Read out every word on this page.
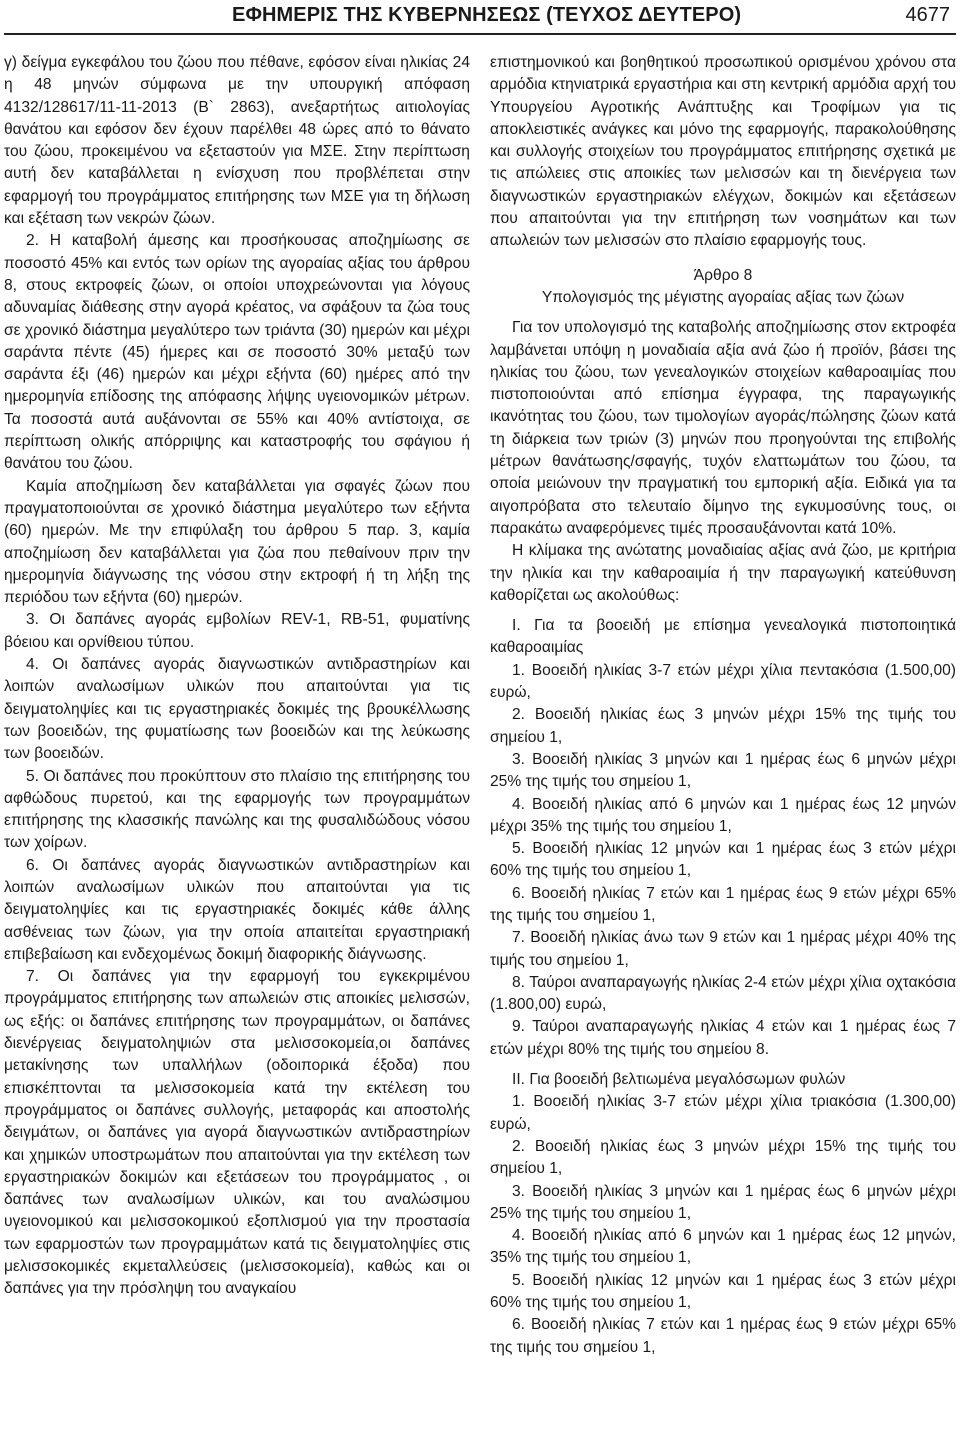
ΕΦΗΜΕΡΙΣ ΤΗΣ ΚΥΒΕΡΝΗΣΕΩΣ (ΤΕΥΧΟΣ ΔΕΥΤΕΡΟ)	4677

γ) δείγμα εγκεφάλου του ζώου που πέθανε, εφόσον είναι ηλικίας 24 η 48 μηνών σύμφωνα με την υπουργική απόφαση 4132/128617/11-11-2013 (Β` 2863), ανεξαρτήτως αιτιολογίας θανάτου και εφόσον δεν έχουν παρέλθει 48 ώρες από το θάνατο του ζώου, προκειμένου να εξεταστούν για ΜΣΕ. Στην περίπτωση αυτή δεν καταβάλλεται η ενίσχυση που προβλέπεται στην εφαρμογή του προγράμματος επιτήρησης των ΜΣΕ για τη δήλωση και εξέταση των νεκρών ζώων.

2. Η καταβολή άμεσης και προσήκουσας αποζημίωσης σε ποσοστό 45% και εντός των ορίων της αγοραίας αξίας του άρθρου 8, στους εκτροφείς ζώων, οι οποίοι υποχρεώνονται για λόγους αδυναμίας διάθεσης στην αγορά κρέατος, να σφάξουν τα ζώα τους σε χρονικό διάστημα μεγαλύτερο των τριάντα (30) ημερών και μέχρι σαράντα πέντε (45) ήμερες και σε ποσοστό 30% μεταξύ των σαράντα έξι (46) ημερών και μέχρι εξήντα (60) ημέρες από την ημερομηνία επίδοσης της απόφασης λήψης υγειονομικών μέτρων. Τα ποσοστά αυτά αυξάνονται σε 55% και 40% αντίστοιχα, σε περίπτωση ολικής απόρριψης και καταστροφής του σφάγιου ή θανάτου του ζώου.

Καμία αποζημίωση δεν καταβάλλεται για σφαγές ζώων που πραγματοποιούνται σε χρονικό διάστημα μεγαλύτερο των εξήντα (60) ημερών. Με την επιφύλαξη του άρθρου 5 παρ. 3, καμία αποζημίωση δεν καταβάλλεται για ζώα που πεθαίνουν πριν την ημερομηνία διάγνωσης της νόσου στην εκτροφή ή τη λήξη της περιόδου των εξήντα (60) ημερών.

3. Οι δαπάνες αγοράς εμβολίων REV-1, RB-51, φυματίνης βόειου και ορνίθειου τύπου.

4. Οι δαπάνες αγοράς διαγνωστικών αντιδραστηρίων και λοιπών αναλωσίμων υλικών που απαιτούνται για τις δειγματοληψίες και τις εργαστηριακές δοκιμές της βρουκέλλωσης των βοοειδών, της φυματίωσης των βοοειδών και της λεύκωσης των βοοειδών.

5. Οι δαπάνες που προκύπτουν στο πλαίσιο της επιτήρησης του αφθώδους πυρετού, και της εφαρμογής των προγραμμάτων επιτήρησης της κλασσικής πανώλης και της φυσαλιδώδους νόσου των χοίρων.

6. Οι δαπάνες αγοράς διαγνωστικών αντιδραστηρίων και λοιπών αναλωσίμων υλικών που απαιτούνται για τις δειγματοληψίες και τις εργαστηριακές δοκιμές κάθε άλλης ασθένειας των ζώων, για την οποία απαιτείται εργαστηριακή επιβεβαίωση και ενδεχομένως δοκιμή διαφορικής διάγνωσης.

7. Οι δαπάνες για την εφαρμογή του εγκεκριμένου προγράμματος επιτήρησης των απωλειών στις αποικίες μελισσών, ως εξής: οι δαπάνες επιτήρησης των προγραμμάτων, οι δαπάνες διενέργειας δειγματοληψιών στα μελισσοκομεία,οι δαπάνες μετακίνησης των υπαλλήλων (οδοιπορικά έξοδα) που επισκέπτονται τα μελισσοκομεία κατά την εκτέλεση του προγράμματος οι δαπάνες συλλογής, μεταφοράς και αποστολής δειγμάτων, οι δαπάνες για αγορά διαγνωστικών αντιδραστηρίων και χημικών υποστρωμάτων που απαιτούνται για την εκτέλεση των εργαστηριακών δοκιμών και εξετάσεων του προγράμματος , οι δαπάνες των αναλωσίμων υλικών, και του αναλώσιμου υγειονομικού και μελισσοκομικού εξοπλισμού για την προστασία των εφαρμοστών των προγραμμάτων κατά τις δειγματοληψίες στις μελισσοκομικές εκμεταλλεύσεις (μελισσοκομεία), καθώς και οι δαπάνες για την πρόσληψη του αναγκαίου

επιστημονικού και βοηθητικού προσωπικού ορισμένου χρόνου στα αρμόδια κτηνιατρικά εργαστήρια και στη κεντρική αρμόδια αρχή του Υπουργείου Αγροτικής Ανάπτυξης και Τροφίμων για τις αποκλειστικές ανάγκες και μόνο της εφαρμογής, παρακολούθησης και συλλογής στοιχείων του προγράμματος επιτήρησης σχετικά με τις απώλειες στις αποικίες των μελισσών και τη διενέργεια των διαγνωστικών εργαστηριακών ελέγχων, δοκιμών και εξετάσεων που απαιτούνται για την επιτήρηση των νοσημάτων και των απωλειών των μελισσών στο πλαίσιο εφαρμογής τους.

Άρθρο 8

Υπολογισμός της μέγιστης αγοραίας αξίας των ζώων

Για τον υπολογισμό της καταβολής αποζημίωσης στον εκτροφέα λαμβάνεται υπόψη η μοναδιαία αξία ανά ζώο ή προϊόν, βάσει της ηλικίας του ζώου, των γενεαλογικών στοιχείων καθαροαιμίας που πιστοποιούνται από επίσημα έγγραφα, της παραγωγικής ικανότητας του ζώου, των τιμολογίων αγοράς/πώλησης ζώων κατά τη διάρκεια των τριών (3) μηνών που προηγούνται της επιβολής μέτρων θανάτωσης/σφαγής, τυχόν ελαττωμάτων του ζώου, τα οποία μειώνουν την πραγματική του εμπορική αξία. Ειδικά για τα αιγοπρόβατα στο τελευταίο δίμηνο της εγκυμοσύνης τους, οι παρακάτω αναφερόμενες τιμές προσαυξάνονται κατά 10%.

Η κλίμακα της ανώτατης μοναδιαίας αξίας ανά ζώο, με κριτήρια την ηλικία και την καθαροαιμία ή την παραγωγική κατεύθυνση καθορίζεται ως ακολούθως:

Ι. Για τα βοοειδή με επίσημα γενεαλογικά πιστοποιητικά καθαροαιμίας

1. Βοοειδή ηλικίας 3-7 ετών μέχρι χίλια πεντακόσια (1.500,00) ευρώ,

2. Βοοειδή ηλικίας έως 3 μηνών μέχρι 15% της τιμής του σημείου 1,

3. Βοοειδή ηλικίας 3 μηνών και 1 ημέρας έως 6 μηνών μέχρι 25% της τιμής του σημείου 1,

4. Βοοειδή ηλικίας από 6 μηνών και 1 ημέρας έως 12 μηνών μέχρι 35% της τιμής του σημείου 1,

5. Βοοειδή ηλικίας 12 μηνών και 1 ημέρας έως 3 ετών μέχρι 60% της τιμής του σημείου 1,

6. Βοοειδή ηλικίας 7 ετών και 1 ημέρας έως 9 ετών μέχρι 65% της τιμής του σημείου 1,

7. Βοοειδή ηλικίας άνω των 9 ετών και 1 ημέρας μέχρι 40% της τιμής του σημείου 1,

8. Ταύροι αναπαραγωγής ηλικίας 2-4 ετών μέχρι χίλια οχτακόσια (1.800,00) ευρώ,

9. Ταύροι αναπαραγωγής ηλικίας 4 ετών και 1 ημέρας έως 7 ετών μέχρι 80% της τιμής του σημείου 8.

ΙΙ. Για βοοειδή βελτιωμένα μεγαλόσωμων φυλών

1. Βοοειδή ηλικίας 3-7 ετών μέχρι χίλια τριακόσια (1.300,00) ευρώ,

2. Βοοειδή ηλικίας έως 3 μηνών μέχρι 15% της τιμής του σημείου 1,

3. Βοοειδή ηλικίας 3 μηνών και 1 ημέρας έως 6 μηνών μέχρι 25% της τιμής του σημείου 1,

4. Βοοειδή ηλικίας από 6 μηνών και 1 ημέρας έως 12 μηνών, 35% της τιμής του σημείου 1,

5. Βοοειδή ηλικίας 12 μηνών και 1 ημέρας έως 3 ετών μέχρι 60% της τιμής του σημείου 1,

6. Βοοειδή ηλικίας 7 ετών και 1 ημέρας έως 9 ετών μέχρι 65% της τιμής του σημείου 1,
